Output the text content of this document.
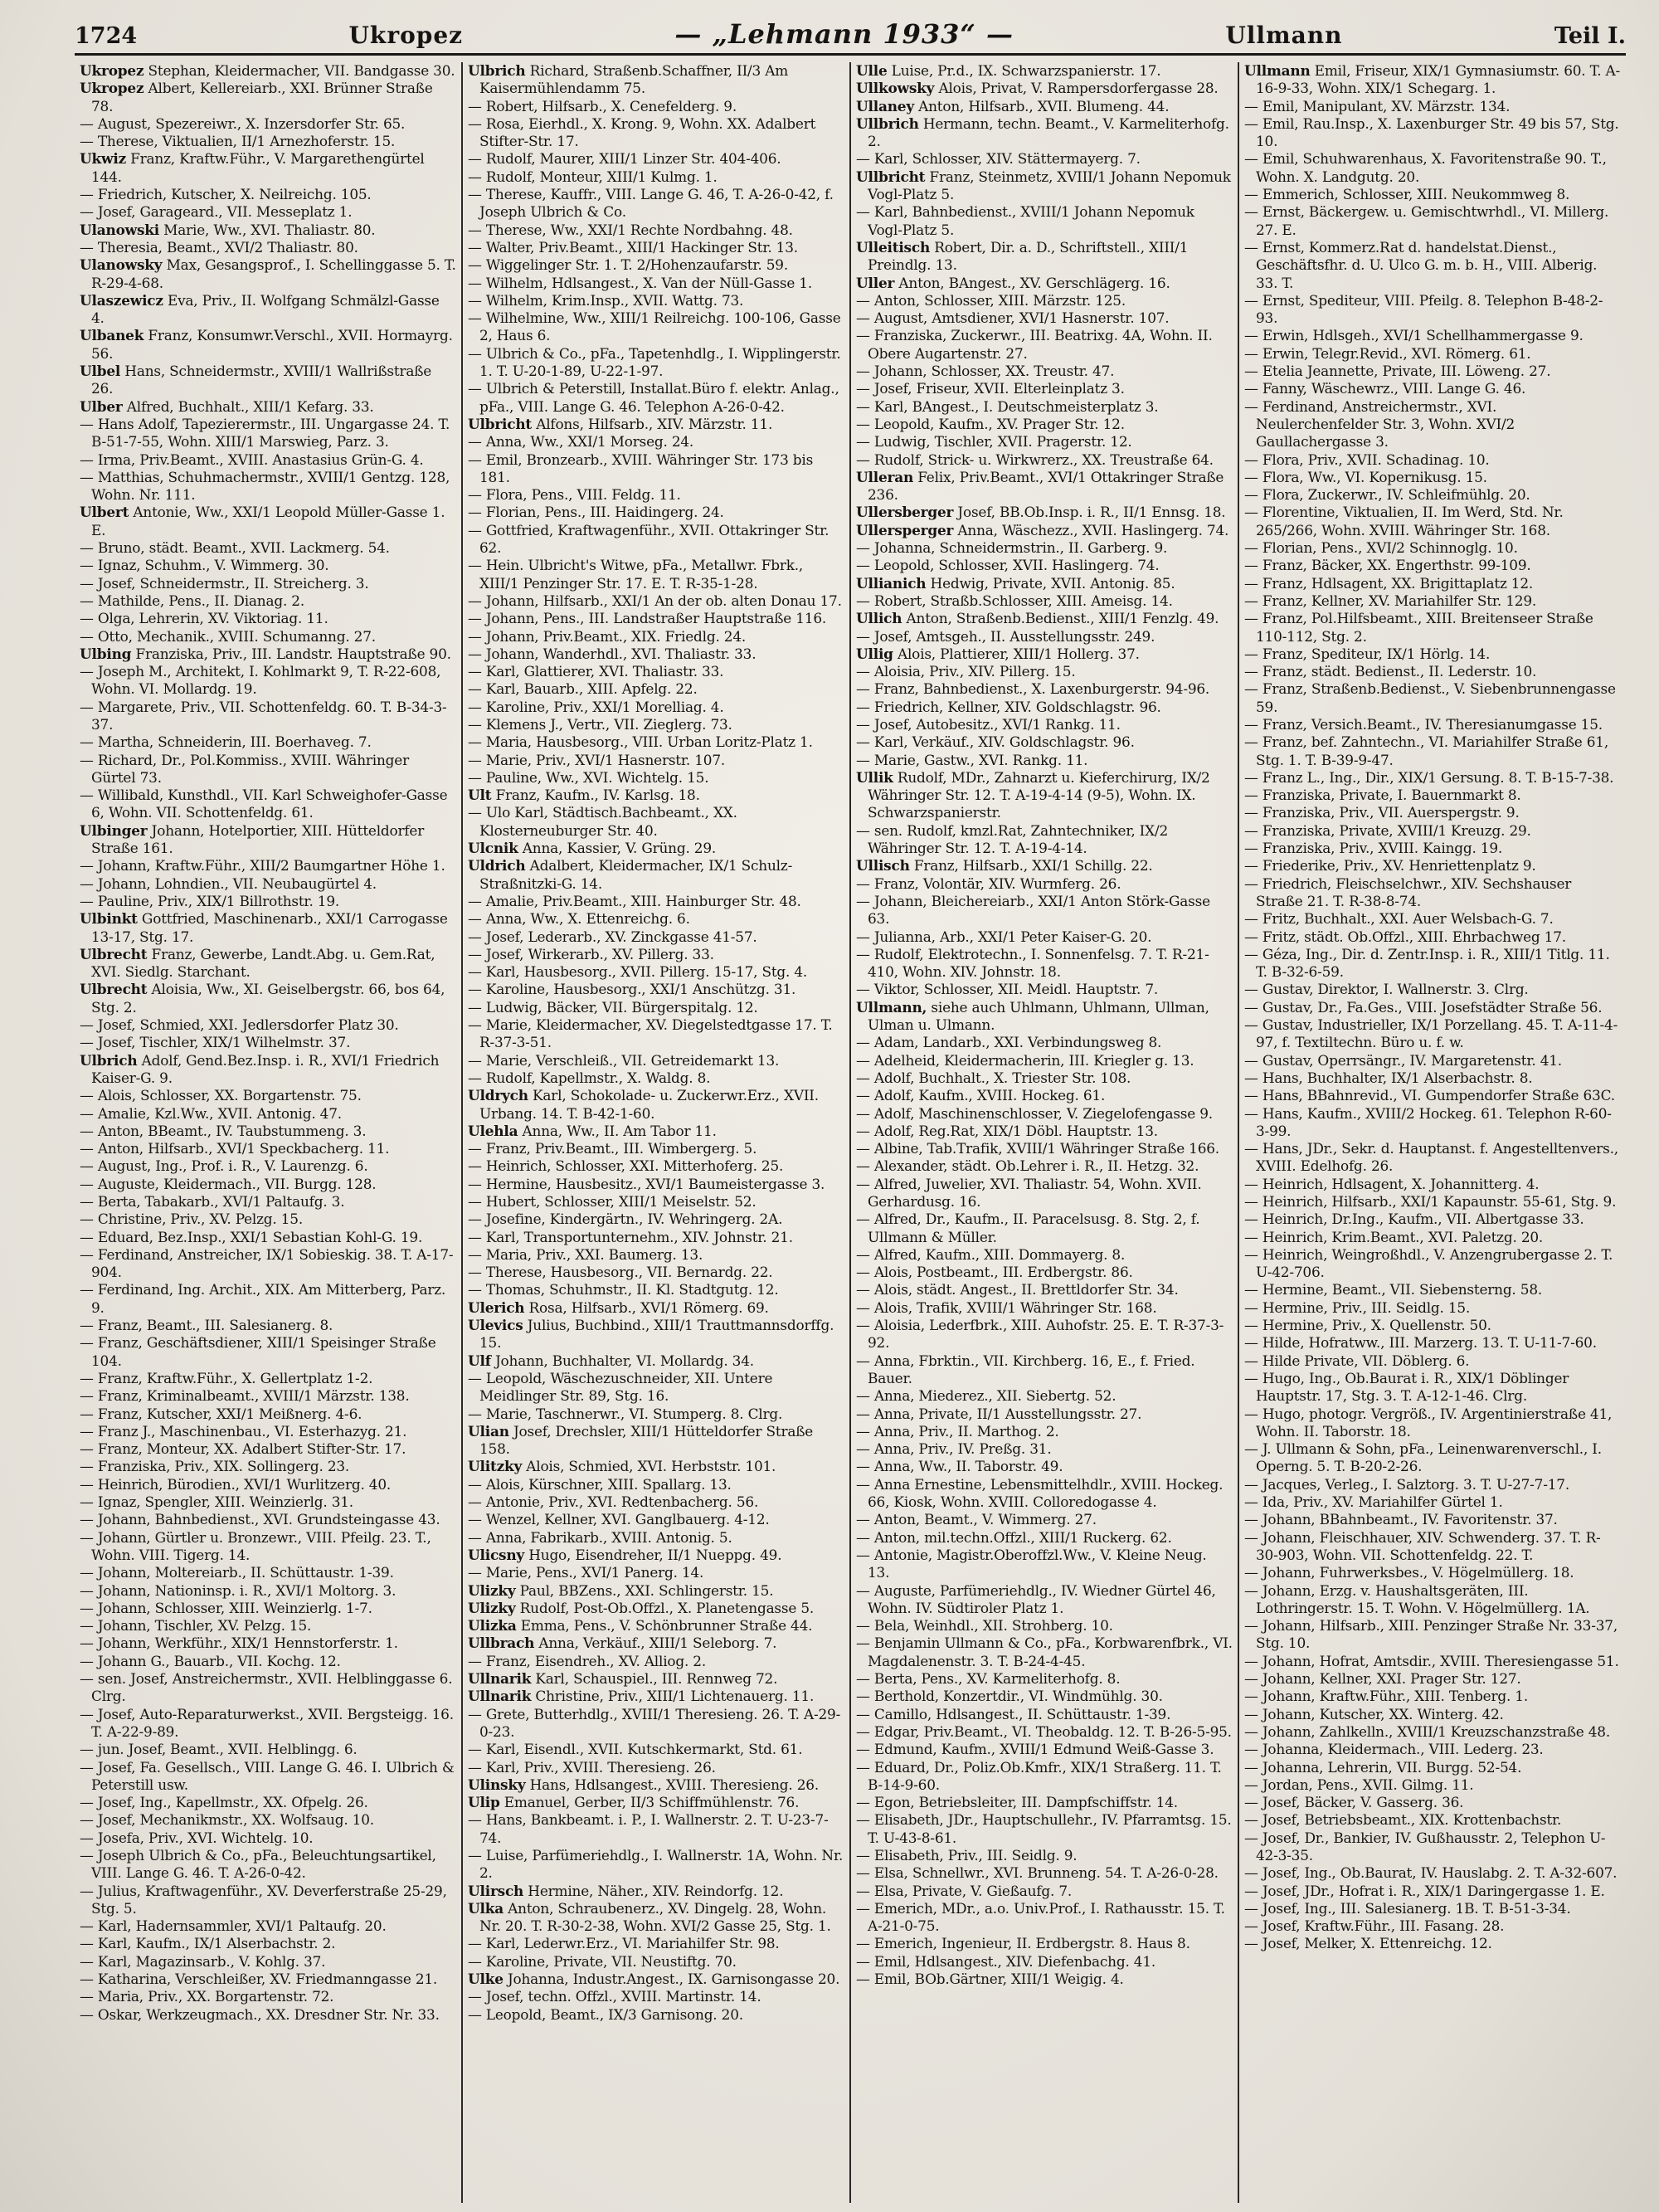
1724	Ukropez	— „Lehmann 1933“ —	Ullmann	Teil I.
Ukropez Stephan, Kleidermacher, VII. Bandgasse 30.
Ukropez Albert, Kellereiarb., XXI. Brünner Straße 78.
— August, Spezereiwr., X. Inzersdorfer Str. 65.
— Therese, Viktualien, II/1 Arnezhoferstr. 15.
Ukwiz Franz, Kraftw.Führ., V. Margarethengürtel 144.
— Friedrich, Kutscher, X. Neilreichg. 105.
— Josef, Garageard., VII. Messeplatz 1.
Ulanowski Marie, Ww., XVI. Thaliastr. 80.
— Theresia, Beamt., XVI/2 Thaliastr. 80.
Ulanowsky Max, Gesangsprof., I. Schellinggasse 5. T. R-29-4-68.
Ulaszewicz Eva, Priv., II. Wolfgang Schmälzl-Gasse 4.
Ulbanek Franz, Konsumwr.Verschl., XVII. Hormayrg. 56.
Ulbel Hans, Schneidermstr., XVIII/1 Wallrißstraße 26.
Ulber Alfred, Buchhalt., XIII/1 Kefarg. 33.
— Hans Adolf, Tapezierermstr., III. Ungargasse 24. T. B-51-7-55, Wohn. XIII/1 Marswieg, Parz. 3.
— Irma, Priv.Beamt., XVIII. Anastasius Grün-G. 4.
— Matthias, Schuhmachermstr., XVIII/1 Gentzg. 128, Wohn. Nr. 111.
Ulbert Antonie, Ww., XXI/1 Leopold Müller-Gasse 1. E.
— Bruno, städt. Beamt., XVII. Lackmerg. 54.
— Ignaz, Schuhm., V. Wimmerg. 30.
— Josef, Schneidermstr., II. Streicherg. 3.
— Mathilde, Pens., II. Dianag. 2.
— Olga, Lehrerin, XV. Viktoriag. 11.
— Otto, Mechanik., XVIII. Schumanng. 27.
Ulbing Franziska, Priv., III. Landstr. Hauptstraße 90.
— Joseph M., Architekt, I. Kohlmarkt 9, T. R-22-608, Wohn. VI. Mollardg. 19.
— Margarete, Priv., VII. Schottenfeldg. 60. T. B-34-3-37.
— Martha, Schneiderin, III. Boerhaveg. 7.
— Richard, Dr., Pol.Kommiss., XVIII. Währinger Gürtel 73.
— Willibald, Kunsthdl., VII. Karl Schweighofer-Gasse 6, Wohn. VII. Schottenfeldg. 61.
Ulbinger Johann, Hotelportier, XIII. Hütteldorfer Straße 161.
— Johann, Kraftw.Führ., XIII/2 Baumgartner Höhe 1.
— Johann, Lohndien., VII. Neubaugürtel 4.
— Pauline, Priv., XIX/1 Billrothstr. 19.
Ulbinkt Gottfried, Maschinenarb., XXI/1 Carrogasse 13-17, Stg. 17.
Ulbrecht Franz, Gewerbe, Landt.Abg. u. Gem.Rat, XVI. Siedlg. Starchant.
Ulbrecht Aloisia, Ww., XI. Geiselbergstr. 66, bos 64, Stg. 2.
— Josef, Schmied, XXI. Jedlersdorfer Platz 30.
— Josef, Tischler, XIX/1 Wilhelmstr. 37.
Ulbrich Adolf, Gend.Bez.Insp. i. R., XVI/1 Friedrich Kaiser-G. 9.
— Alois, Schlosser, XX. Borgartenstr. 75.
— Amalie, Kzl.Ww., XVII. Antonig. 47.
— Anton, BBeamt., IV. Taubstummeng. 3.
— Anton, Hilfsarb., XVI/1 Speckbacherg. 11.
— August, Ing., Prof. i. R., V. Laurenzg. 6.
— Auguste, Kleidermach., VII. Burgg. 128.
— Berta, Tabakarb., XVI/1 Paltaufg. 3.
— Christine, Priv., XV. Pelzg. 15.
— Eduard, Bez.Insp., XXI/1 Sebastian Kohl-G. 19.
— Ferdinand, Anstreicher, IX/1 Sobieskig. 38. T. A-17-904.
— Ferdinand, Ing. Archit., XIX. Am Mitterberg, Parz. 9.
— Franz, Beamt., III. Salesianerg. 8.
— Franz, Geschäftsdiener, XIII/1 Speisinger Straße 104.
— Franz, Kraftw.Führ., X. Gellertplatz 1-2.
— Franz, Kriminalbeamt., XVIII/1 Märzstr. 138.
— Franz, Kutscher, XXI/1 Meißnerg. 4-6.
— Franz J., Maschinenbau., VI. Esterhazyg. 21.
— Franz, Monteur, XX. Adalbert Stifter-Str. 17.
— Franziska, Priv., XIX. Sollingerg. 23.
— Heinrich, Bürodien., XVI/1 Wurlitzerg. 40.
— Ignaz, Spengler, XIII. Weinzierlg. 31.
— Johann, Bahnbedienst., XVI. Grundsteingasse 43.
— Johann, Gürtler u. Bronzewr., VIII. Pfeilg. 23. T., Wohn. VIII. Tigerg. 14.
— Johann, Moltereiarb., II. Schüttaustr. 1-39.
— Johann, Nationinsp. i. R., XVI/1 Moltorg. 3.
— Johann, Schlosser, XIII. Weinzierlg. 1-7.
— Johann, Tischler, XV. Pelzg. 15.
— Johann, Werkführ., XIX/1 Hennstorferstr. 1.
— Johann G., Bauarb., VII. Kochg. 12.
— sen. Josef, Anstreichermstr., XVII. Helblinggasse 6. Clrg.
— Josef, Auto-Reparaturwerkst., XVII. Bergsteigg. 16. T. A-22-9-89.
— jun. Josef, Beamt., XVII. Helblingg. 6.
— Josef, Fa. Gesellsch., VIII. Lange G. 46. I. Ulbrich & Peterstill usw.
— Josef, Ing., Kapellmstr., XX. Ofpelg. 26.
— Josef, Mechanikmstr., XX. Wolfsaug. 10.
— Josefa, Priv., XVI. Wichtelg. 10.
— Joseph Ulbrich & Co., pFa., Beleuchtungsartikel, VIII. Lange G. 46. T. A-26-0-42.
— Julius, Kraftwagenführ., XV. Deverferstraße 25-29, Stg. 5.
— Karl, Hadernsammler, XVI/1 Paltaufg. 20.
— Karl, Kaufm., IX/1 Alserbachstr. 2.
— Karl, Magazinsarb., V. Kohlg. 37.
— Katharina, Verschleißer, XV. Friedmanngasse 21.
— Maria, Priv., XX. Borgartenstr. 72.
— Oskar, Werkzeugmach., XX. Dresdner Str. Nr. 33.
Ulbrich Richard, Straßenb.Schaffner, II/3 Am Kaisermühlendamm 75.
— Robert, Hilfsarb., X. Cenefelderg. 9.
— Rosa, Eierhdl., X. Krong. 9, Wohn. XX. Adalbert Stifter-Str. 17.
— Rudolf, Maurer, XIII/1 Linzer Str. 404-406.
— Rudolf, Monteur, XIII/1 Kulmg. 1.
— Therese, Kauffr., VIII. Lange G. 46, T. A-26-0-42, f. Joseph Ulbrich & Co.
— Therese, Ww., XXI/1 Rechte Nordbahng. 48.
— Walter, Priv.Beamt., XIII/1 Hackinger Str. 13.
— Wiggelinger Str. 1. T. 2/Hohenzaufarstr. 59.
— Wilhelm, Hdlsangest., X. Van der Nüll-Gasse 1.
— Wilhelm, Krim.Insp., XVII. Wattg. 73.
— Wilhelmine, Ww., XIII/1 Reilreichg. 100-106, Gasse 2, Haus 6.
— Ulbrich & Co., pFa., Tapetenhdlg., I. Wipplingerstr. 1. T. U-20-1-89, U-22-1-97.
— Ulbrich & Peterstill, Installat.Büro f. elektr. Anlag., pFa., VIII. Lange G. 46. Telephon A-26-0-42.
Ulbricht Alfons, Hilfsarb., XIV. Märzstr. 11.
— Anna, Ww., XXI/1 Morseg. 24.
— Emil, Bronzearb., XVIII. Währinger Str. 173 bis 181.
— Flora, Pens., VIII. Feldg. 11.
— Florian, Pens., III. Haidingerg. 24.
— Gottfried, Kraftwagenführ., XVII. Ottakringer Str. 62.
— Hein. Ulbricht's Witwe, pFa., Metallwr. Fbrk., XIII/1 Penzinger Str. 17. E. T. R-35-1-28.
— Johann, Hilfsarb., XXI/1 An der ob. alten Donau 17.
— Johann, Pens., III. Landstraßer Hauptstraße 116.
— Johann, Priv.Beamt., XIX. Friedlg. 24.
— Johann, Wanderhdl., XVI. Thaliastr. 33.
— Karl, Glattierer, XVI. Thaliastr. 33.
— Karl, Bauarb., XIII. Apfelg. 22.
— Karoline, Priv., XXI/1 Morelliag. 4.
— Klemens J., Vertr., VII. Zieglerg. 73.
— Maria, Hausbesorg., VIII. Urban Loritz-Platz 1.
— Marie, Priv., XVI/1 Hasnerstr. 107.
— Pauline, Ww., XVI. Wichtelg. 15.
Ult Franz, Kaufm., IV. Karlsg. 18.
— Ulo Karl, Städtisch.Bachbeamt., XX. Klosterneuburger Str. 40.
Ulcnik Anna, Kassier, V. Grüng. 29.
Uldrich Adalbert, Kleidermacher, IX/1 Schulz-Straßnitzki-G. 14.
— Amalie, Priv.Beamt., XIII. Hainburger Str. 48.
— Anna, Ww., X. Ettenreichg. 6.
— Josef, Lederarb., XV. Zinckgasse 41-57.
— Josef, Wirkerarb., XV. Pillerg. 33.
— Karl, Hausbesorg., XVII. Pillerg. 15-17, Stg. 4.
— Karoline, Hausbesorg., XXI/1 Anschützg. 31.
— Ludwig, Bäcker, VII. Bürgerspitalg. 12.
— Marie, Kleidermacher, XV. Diegelstedtgasse 17. T. R-37-3-51.
— Marie, Verschleiß., VII. Getreidemarkt 13.
— Rudolf, Kapellmstr., X. Waldg. 8.
Uldrych Karl, Schokolade- u. Zuckerwr.Erz., XVII. Urbang. 14. T. B-42-1-60.
Ulehla Anna, Ww., II. Am Tabor 11.
— Franz, Priv.Beamt., III. Wimbergerg. 5.
— Heinrich, Schlosser, XXI. Mitterhoferg. 25.
— Hermine, Hausbesitz., XVI/1 Baumeistergasse 3.
— Hubert, Schlosser, XIII/1 Meiselstr. 52.
— Josefine, Kindergärtn., IV. Wehringerg. 2A.
— Karl, Transportunternehm., XIV. Johnstr. 21.
— Maria, Priv., XXI. Baumerg. 13.
— Therese, Hausbesorg., VII. Bernardg. 22.
— Thomas, Schuhmstr., II. Kl. Stadtgutg. 12.
Ulerich Rosa, Hilfsarb., XVI/1 Römerg. 69.
Ulevics Julius, Buchbind., XIII/1 Trauttmannsdorffg. 15.
Ulf Johann, Buchhalter, VI. Mollardg. 34.
— Leopold, Wäschezuschneider, XII. Untere Meidlinger Str. 89, Stg. 16.
— Marie, Taschnerwr., VI. Stumperg. 8. Clrg.
Ulian Josef, Drechsler, XIII/1 Hütteldorfer Straße 158.
Ulitzky Alois, Schmied, XVI. Herbststr. 101.
— Alois, Kürschner, XIII. Spallarg. 13.
— Antonie, Priv., XVI. Redtenbacherg. 56.
— Wenzel, Kellner, XVI. Ganglbauerg. 4-12.
— Anna, Fabrikarb., XVIII. Antonig. 5.
Ulicsny Hugo, Eisendreher, II/1 Nueppg. 49.
— Marie, Pens., XVI/1 Panerg. 14.
Ulizky Paul, BBZens., XXI. Schlingerstr. 15.
Ulizky Rudolf, Post-Ob.Offzl., X. Planetengasse 5.
Ulizka Emma, Pens., V. Schönbrunner Straße 44.
Ullbrach Anna, Verkäuf., XIII/1 Seleborg. 7.
— Franz, Eisendreh., XV. Alliog. 2.
Ullnarik Karl, Schauspiel., III. Rennweg 72.
Ullnarik Christine, Priv., XIII/1 Lichtenauerg. 11.
— Grete, Butterhdlg., XVIII/1 Theresieng. 26. T. A-29-0-23.
— Karl, Eisendl., XVII. Kutschkermarkt, Std. 61.
— Karl, Priv., XVIII. Theresieng. 26.
Ulinsky Hans, Hdlsangest., XVIII. Theresieng. 26.
Ulip Emanuel, Gerber, II/3 Schiffmühlenstr. 76.
— Hans, Bankbeamt. i. P., I. Wallnerstr. 2. T. U-23-7-74.
— Luise, Parfümeriehdlg., I. Wallnerstr. 1A, Wohn. Nr. 2.
Ulirsch Hermine, Näher., XIV. Reindorfg. 12.
Ulka Anton, Schraubenerz., XV. Dingelg. 28, Wohn. Nr. 20. T. R-30-2-38, Wohn. XVI/2 Gasse 25, Stg. 1.
— Karl, Lederwr.Erz., VI. Mariahilfer Str. 98.
— Karoline, Private, VII. Neustiftg. 70.
Ulke Johanna, Industr.Angest., IX. Garnisongasse 20.
— Josef, techn. Offzl., XVIII. Martinstr. 14.
— Leopold, Beamt., IX/3 Garnisong. 20.
Ulle Luise, Pr.d., IX. Schwarzspanierstr. 17.
Ullkowsky Alois, Privat, V. Rampersdorfergasse 28.
Ullaney Anton, Hilfsarb., XVII. Blumeng. 44.
Ullbrich Hermann, techn. Beamt., V. Karmeliterhofg. 2.
— Karl, Schlosser, XIV. Stättermayerg. 7.
Ullbricht Franz, Steinmetz, XVIII/1 Johann Nepomuk Vogl-Platz 5.
— Karl, Bahnbedienst., XVIII/1 Johann Nepomuk Vogl-Platz 5.
Ulleitisch Robert, Dir. a. D., Schriftstell., XIII/1 Preindlg. 13.
Uller Anton, BAngest., XV. Gerschlägerg. 16.
— Anton, Schlosser, XIII. Märzstr. 125.
— August, Amtsdiener, XVI/1 Hasnerstr. 107.
— Franziska, Zuckerwr., III. Beatrixg. 4A, Wohn. II. Obere Augartenstr. 27.
— Johann, Schlosser, XX. Treustr. 47.
— Josef, Friseur, XVII. Elterleinplatz 3.
— Karl, BAngest., I. Deutschmeisterplatz 3.
— Leopold, Kaufm., XV. Prager Str. 12.
— Ludwig, Tischler, XVII. Pragerstr. 12.
— Rudolf, Strick- u. Wirkwrerz., XX. Treustraße 64.
Ulleran Felix, Priv.Beamt., XVI/1 Ottakringer Straße 236.
Ullersberger Josef, BB.Ob.Insp. i. R., II/1 Ennsg. 18.
Ullersperger Anna, Wäschezz., XVII. Haslingerg. 74.
— Johanna, Schneidermstrin., II. Garberg. 9.
— Leopold, Schlosser, XVII. Haslingerg. 74.
Ullianich Hedwig, Private, XVII. Antonig. 85.
— Robert, Straßb.Schlosser, XIII. Ameisg. 14.
Ullich Anton, Straßenb.Bedienst., XIII/1 Fenzlg. 49.
— Josef, Amtsgeh., II. Ausstellungsstr. 249.
Ullig Alois, Plattierer, XIII/1 Hollerg. 37.
— Aloisia, Priv., XIV. Pillerg. 15.
— Franz, Bahnbedienst., X. Laxenburgerstr. 94-96.
— Friedrich, Kellner, XIV. Goldschlagstr. 96.
— Josef, Autobesitz., XVI/1 Rankg. 11.
— Karl, Verkäuf., XIV. Goldschlagstr. 96.
— Marie, Gastw., XVI. Rankg. 11.
Ullik Rudolf, MDr., Zahnarzt u. Kieferchirurg, IX/2 Währinger Str. 12. T. A-19-4-14 (9-5), Wohn. IX. Schwarzspanierstr.
— sen. Rudolf, kmzl.Rat, Zahntechniker, IX/2 Währinger Str. 12. T. A-19-4-14.
Ullisch Franz, Hilfsarb., XXI/1 Schillg. 22.
— Franz, Volontär, XIV. Wurmferg. 26.
— Johann, Bleichereiarb., XXI/1 Anton Störk-Gasse 63.
— Julianna, Arb., XXI/1 Peter Kaiser-G. 20.
— Rudolf, Elektrotechn., I. Sonnenfelsg. 7. T. R-21-410, Wohn. XIV. Johnstr. 18.
— Viktor, Schlosser, XII. Meidl. Hauptstr. 7.
Ullmann, siehe auch Uhlmann, Uhlmann, Ullman, Ulman u. Ulmann.
— Adam, Landarb., XXI. Verbindungsweg 8.
— Adelheid, Kleidermacherin, III. Kriegler g. 13.
— Adolf, Buchhalt., X. Triester Str. 108.
— Adolf, Kaufm., XVIII. Hockeg. 61.
— Adolf, Maschinenschlosser, V. Ziegelofengasse 9.
— Adolf, Reg.Rat, XIX/1 Döbl. Hauptstr. 13.
— Albine, Tab.Trafik, XVIII/1 Währinger Straße 166.
— Alexander, städt. Ob.Lehrer i. R., II. Hetzg. 32.
— Alfred, Juwelier, XVI. Thaliastr. 54, Wohn. XVII. Gerhardusg. 16.
— Alfred, Dr., Kaufm., II. Paracelsusg. 8. Stg. 2, f. Ullmann & Müller.
— Alfred, Kaufm., XIII. Dommayerg. 8.
— Alois, Postbeamt., III. Erdbergstr. 86.
— Alois, städt. Angest., II. Brettldorfer Str. 34.
— Alois, Trafik, XVIII/1 Währinger Str. 168.
— Aloisia, Lederfbrk., XIII. Auhofstr. 25. E. T. R-37-3-92.
— Anna, Fbrktin., VII. Kirchberg. 16, E., f. Fried. Bauer.
— Anna, Miederez., XII. Siebertg. 52.
— Anna, Private, II/1 Ausstellungsstr. 27.
— Anna, Priv., II. Marthog. 2.
— Anna, Priv., IV. Preßg. 31.
— Anna, Ww., II. Taborstr. 49.
— Anna Ernestine, Lebensmittelhdlr., XVIII. Hockeg. 66, Kiosk, Wohn. XVIII. Colloredogasse 4.
— Anton, Beamt., V. Wimmerg. 27.
— Anton, mil.techn.Offzl., XIII/1 Ruckerg. 62.
— Antonie, Magistr.Oberoffzl.Ww., V. Kleine Neug. 13.
— Auguste, Parfümeriehdlg., IV. Wiedner Gürtel 46, Wohn. IV. Südtiroler Platz 1.
— Bela, Weinhdl., XII. Strohberg. 10.
— Benjamin Ullmann & Co., pFa., Korbwarenfbrk., VI. Magdalenenstr. 3. T. B-24-4-45.
— Berta, Pens., XV. Karmeliterhofg. 8.
— Berthold, Konzertdir., VI. Windmühlg. 30.
— Camillo, Hdlsangest., II. Schüttaustr. 1-39.
— Edgar, Priv.Beamt., VI. Theobaldg. 12. T. B-26-5-95.
— Edmund, Kaufm., XVIII/1 Edmund Weiß-Gasse 3.
— Eduard, Dr., Poliz.Ob.Kmfr., XIX/1 Straßerg. 11. T. B-14-9-60.
— Egon, Betriebsleiter, III. Dampfschiffstr. 14.
— Elisabeth, JDr., Hauptschullehr., IV. Pfarramtsg. 15. T. U-43-8-61.
— Elisabeth, Priv., III. Seidlg. 9.
— Elsa, Schnellwr., XVI. Brunneng. 54. T. A-26-0-28.
— Elsa, Private, V. Gießaufg. 7.
— Emerich, MDr., a.o. Univ.Prof., I. Rathausstr. 15. T. A-21-0-75.
— Emerich, Ingenieur, II. Erdbergstr. 8. Haus 8.
— Emil, Hdlsangest., XIV. Diefenbachg. 41.
— Emil, BOb.Gärtner, XIII/1 Weigig. 4.
Ullmann Emil, Friseur, XIX/1 Gymnasiumstr. 60. T. A-16-9-33, Wohn. XIX/1 Schegarg. 1.
— Emil, Manipulant, XV. Märzstr. 134.
— Emil, Rau.Insp., X. Laxenburger Str. 49 bis 57, Stg. 10.
— Emil, Schuhwarenhaus, X. Favoritenstraße 90. T., Wohn. X. Landgutg. 20.
— Emmerich, Schlosser, XIII. Neukommweg 8.
— Ernst, Bäckergew. u. Gemischtwrhdl., VI. Millerg. 27. E.
— Ernst, Kommerz.Rat d. handelstat.Dienst., Geschäftsfhr. d. U. Ulco G. m. b. H., VIII. Alberig. 33. T.
— Ernst, Spediteur, VIII. Pfeilg. 8. Telephon B-48-2-93.
— Erwin, Hdlsgeh., XVI/1 Schellhammergasse 9.
— Erwin, Telegr.Revid., XVI. Römerg. 61.
— Etelia Jeannette, Private, III. Löweng. 27.
— Fanny, Wäschewrz., VIII. Lange G. 46.
— Ferdinand, Anstreichermstr., XVI. Neulerchenfelder Str. 3, Wohn. XVI/2 Gaullachergasse 3.
— Flora, Priv., XVII. Schadinag. 10.
— Flora, Ww., VI. Kopernikusg. 15.
— Flora, Zuckerwr., IV. Schleifmühlg. 20.
— Florentine, Viktualien, II. Im Werd, Std. Nr. 265/266, Wohn. XVIII. Währinger Str. 168.
— Florian, Pens., XVI/2 Schinnoglg. 10.
— Franz, Bäcker, XX. Engerthstr. 99-109.
— Franz, Hdlsagent, XX. Brigittaplatz 12.
— Franz, Kellner, XV. Mariahilfer Str. 129.
— Franz, Pol.Hilfsbeamt., XIII. Breitenseer Straße 110-112, Stg. 2.
— Franz, Spediteur, IX/1 Hörlg. 14.
— Franz, städt. Bedienst., II. Lederstr. 10.
— Franz, Straßenb.Bedienst., V. Siebenbrunnengasse 59.
— Franz, Versich.Beamt., IV. Theresianumgasse 15.
— Franz, bef. Zahntechn., VI. Mariahilfer Straße 61, Stg. 1. T. B-39-9-47.
— Franz L., Ing., Dir., XIX/1 Gersung. 8. T. B-15-7-38.
— Franziska, Private, I. Bauernmarkt 8.
— Franziska, Priv., VII. Auerspergstr. 9.
— Franziska, Private, XVIII/1 Kreuzg. 29.
— Franziska, Priv., XVIII. Kaingg. 19.
— Friederike, Priv., XV. Henriettenplatz 9.
— Friedrich, Fleischselchwr., XIV. Sechshauser Straße 21. T. R-38-8-74.
— Fritz, Buchhalt., XXI. Auer Welsbach-G. 7.
— Fritz, städt. Ob.Offzl., XIII. Ehrbachweg 17.
— Géza, Ing., Dir. d. Zentr.Insp. i. R., XIII/1 Titlg. 11. T. B-32-6-59.
— Gustav, Direktor, I. Wallnerstr. 3. Clrg.
— Gustav, Dr., Fa.Ges., VIII. Josefstädter Straße 56.
— Gustav, Industrieller, IX/1 Porzellang. 45. T. A-11-4-97, f. Textiltechn. Büro u. f. w.
— Gustav, Operrsängr., IV. Margaretenstr. 41.
— Hans, Buchhalter, IX/1 Alserbachstr. 8.
— Hans, BBahnrevid., VI. Gumpendorfer Straße 63C.
— Hans, Kaufm., XVIII/2 Hockeg. 61. Telephon R-60-3-99.
— Hans, JDr., Sekr. d. Hauptanst. f. Angestelltenvers., XVIII. Edelhofg. 26.
— Heinrich, Hdlsagent, X. Johannitterg. 4.
— Heinrich, Hilfsarb., XXI/1 Kapaunstr. 55-61, Stg. 9.
— Heinrich, Dr.Ing., Kaufm., VII. Albertgasse 33.
— Heinrich, Krim.Beamt., XVI. Paletzg. 20.
— Heinrich, Weingroßhdl., V. Anzengrubergasse 2. T. U-42-706.
— Hermine, Beamt., VII. Siebensterng. 58.
— Hermine, Priv., III. Seidlg. 15.
— Hermine, Priv., X. Quellenstr. 50.
— Hilde, Hofratww., III. Marzerg. 13. T. U-11-7-60.
— Hilde Private, VII. Döblerg. 6.
— Hugo, Ing., Ob.Baurat i. R., XIX/1 Döblinger Hauptstr. 17, Stg. 3. T. A-12-1-46. Clrg.
— Hugo, photogr. Vergröß., IV. Argentinierstraße 41, Wohn. II. Taborstr. 18.
— J. Ullmann & Sohn, pFa., Leinenwarenverschl., I. Operng. 5. T. B-20-2-26.
— Jacques, Verleg., I. Salztorg. 3. T. U-27-7-17.
— Ida, Priv., XV. Mariahilfer Gürtel 1.
— Johann, BBahnbeamt., IV. Favoritenstr. 37.
— Johann, Fleischhauer, XIV. Schwenderg. 37. T. R-30-903, Wohn. VII. Schottenfeldg. 22. T.
— Johann, Fuhrwerksbes., V. Högelmüllerg. 18.
— Johann, Erzg. v. Haushaltsgeräten, III. Lothringerstr. 15. T. Wohn. V. Högelmüllerg. 1A.
— Johann, Hilfsarb., XIII. Penzinger Straße Nr. 33-37, Stg. 10.
— Johann, Hofrat, Amtsdir., XVIII. Theresiengasse 51.
— Johann, Kellner, XXI. Prager Str. 127.
— Johann, Kraftw.Führ., XIII. Tenberg. 1.
— Johann, Kutscher, XX. Winterg. 42.
— Johann, Zahlkelln., XVIII/1 Kreuzschanzstraße 48.
— Johanna, Kleidermach., VIII. Lederg. 23.
— Johanna, Lehrerin, VII. Burgg. 52-54.
— Jordan, Pens., XVII. Gilmg. 11.
— Josef, Bäcker, V. Gasserg. 36.
— Josef, Betriebsbeamt., XIX. Krottenbachstr.
— Josef, Dr., Bankier, IV. Gußhausstr. 2, Telephon U-42-3-35.
— Josef, Ing., Ob.Baurat, IV. Hauslabg. 2. T. A-32-607.
— Josef, JDr., Hofrat i. R., XIX/1 Daringergasse 1. E.
— Josef, Ing., III. Salesianerg. 1B. T. B-51-3-34.
— Josef, Kraftw.Führ., III. Fasang. 28.
— Josef, Melker, X. Ettenreichg. 12.
